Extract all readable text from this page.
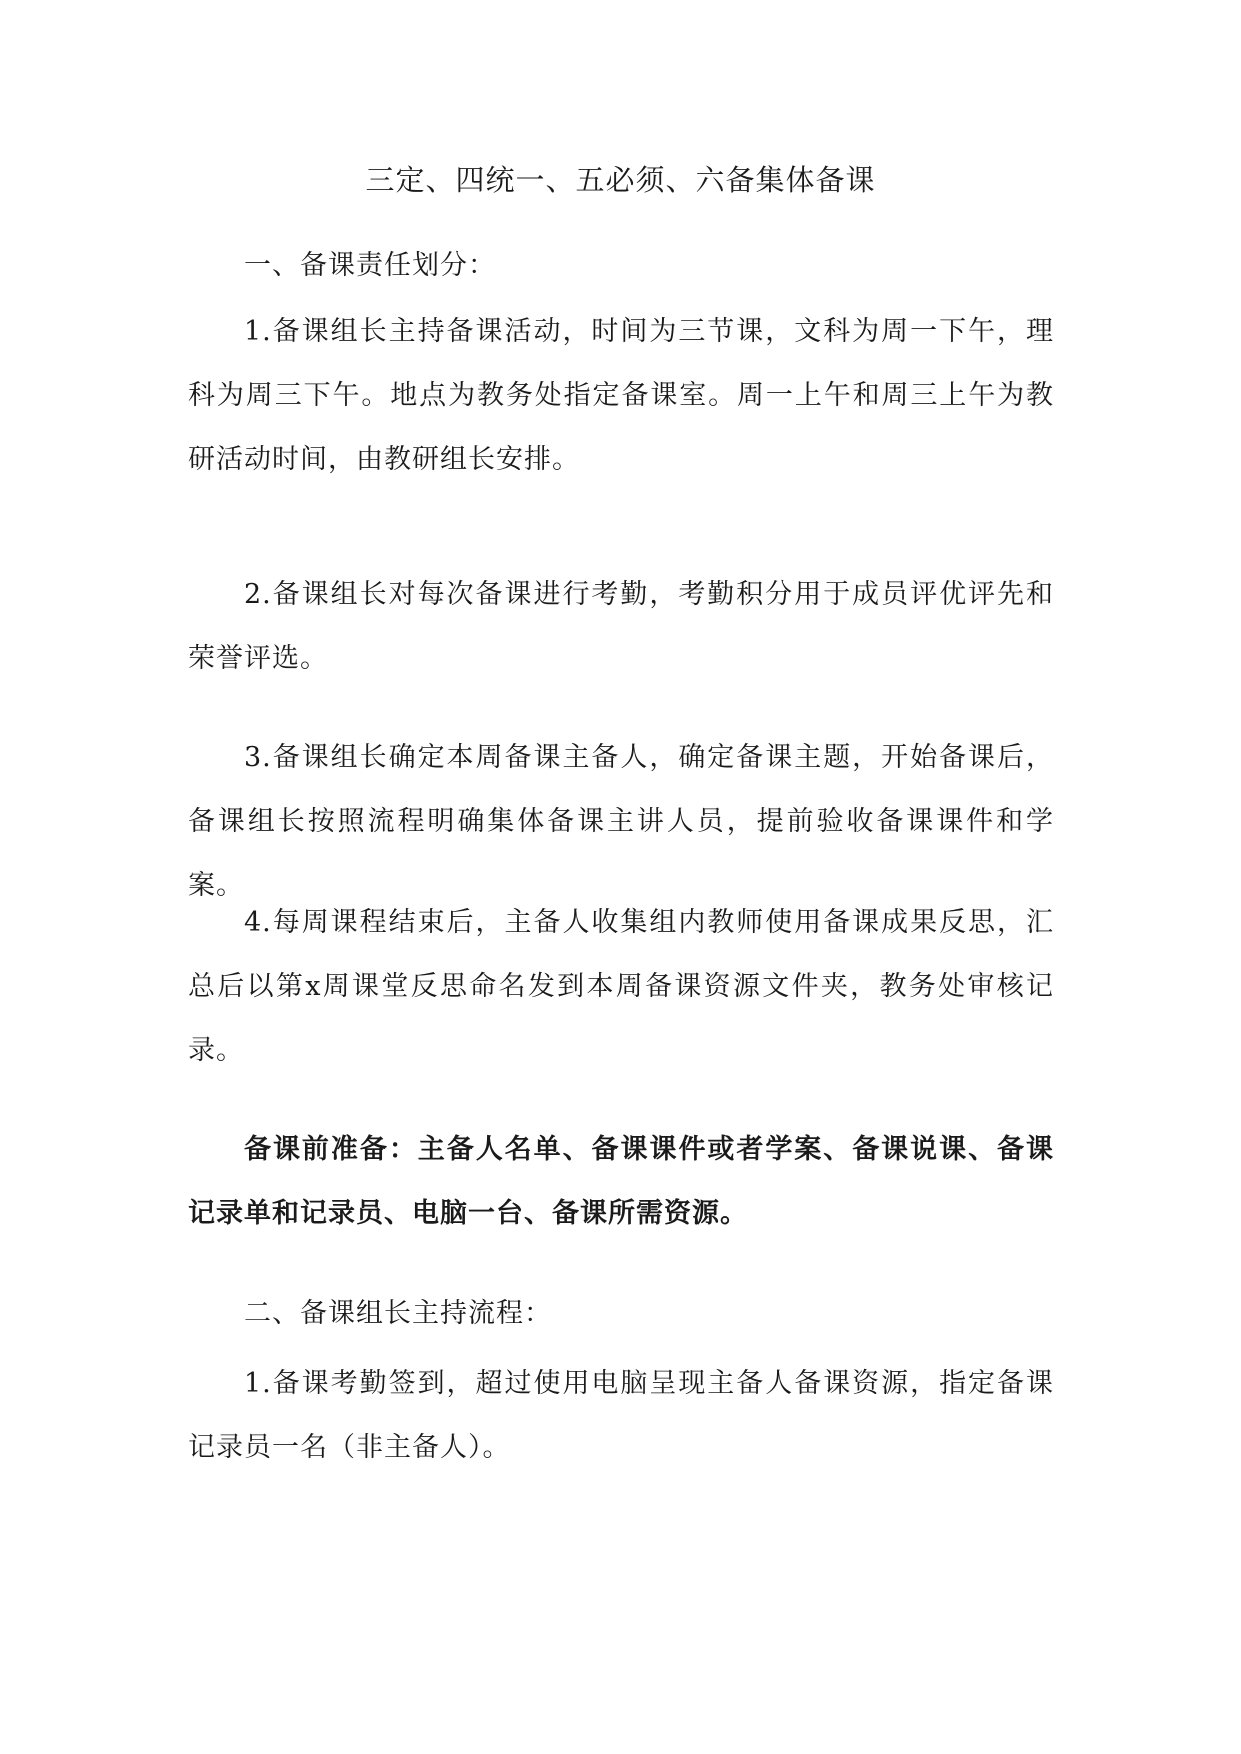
三定、四统一、五必须、六备集体备课

一、备课责任划分：

1.备课组长主持备课活动，时间为三节课，文科为周一下午，理科为周三下午。地点为教务处指定备课室。周一上午和周三上午为教研活动时间，由教研组长安排。

2.备课组长对每次备课进行考勤，考勤积分用于成员评优评先和荣誉评选。

3.备课组长确定本周备课主备人，确定备课主题，开始备课后，备课组长按照流程明确集体备课主讲人员，提前验收备课课件和学案。

4.每周课程结束后，主备人收集组内教师使用备课成果反思，汇总后以第x周课堂反思命名发到本周备课资源文件夹，教务处审核记录。

备课前准备：主备人名单、备课课件或者学案、备课说课、备课记录单和记录员、电脑一台、备课所需资源。

二、备课组长主持流程：

1.备课考勤签到，超过使用电脑呈现主备人备课资源，指定备课记录员一名（非主备人）。
